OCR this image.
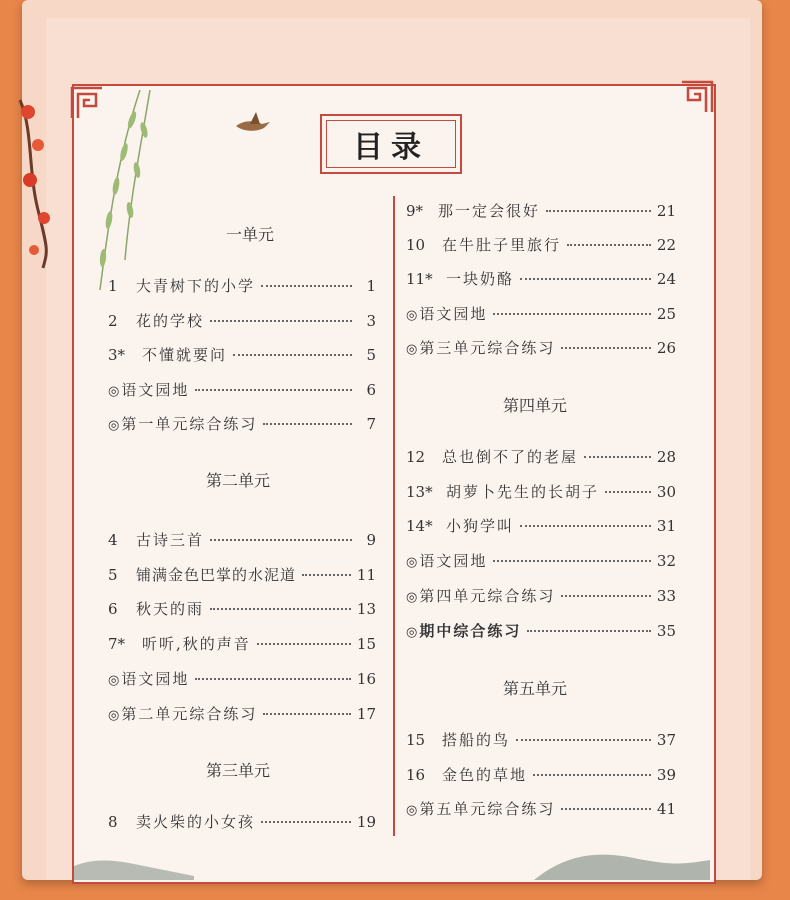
目录
一单元
1	大青树下的小学	1
2	花的学校	3
3*	不懂就要问	5
◎ 语文园地	6
◎ 第一单元综合练习	7
第二单元
4	古诗三首	9
5	铺满金色巴掌的水泥道	11
6	秋天的雨	13
7*	听听,秋的声音	15
◎ 语文园地	16
◎ 第二单元综合练习	17
第三单元
8	卖火柴的小女孩	19
9* 那一定会很好	21
10	在牛肚子里旅行	22
11* 一块奶酪	24
◎ 语文园地	25
◎ 第三单元综合练习	26
第四单元
12	总也倒不了的老屋	28
13* 胡萝卜先生的长胡子	30
14* 小狗学叫	31
◎ 语文园地	32
◎ 第四单元综合练习	33
◎ 期中综合练习	35
第五单元
15	搭船的鸟	37
16	金色的草地	39
◎ 第五单元综合练习	41
